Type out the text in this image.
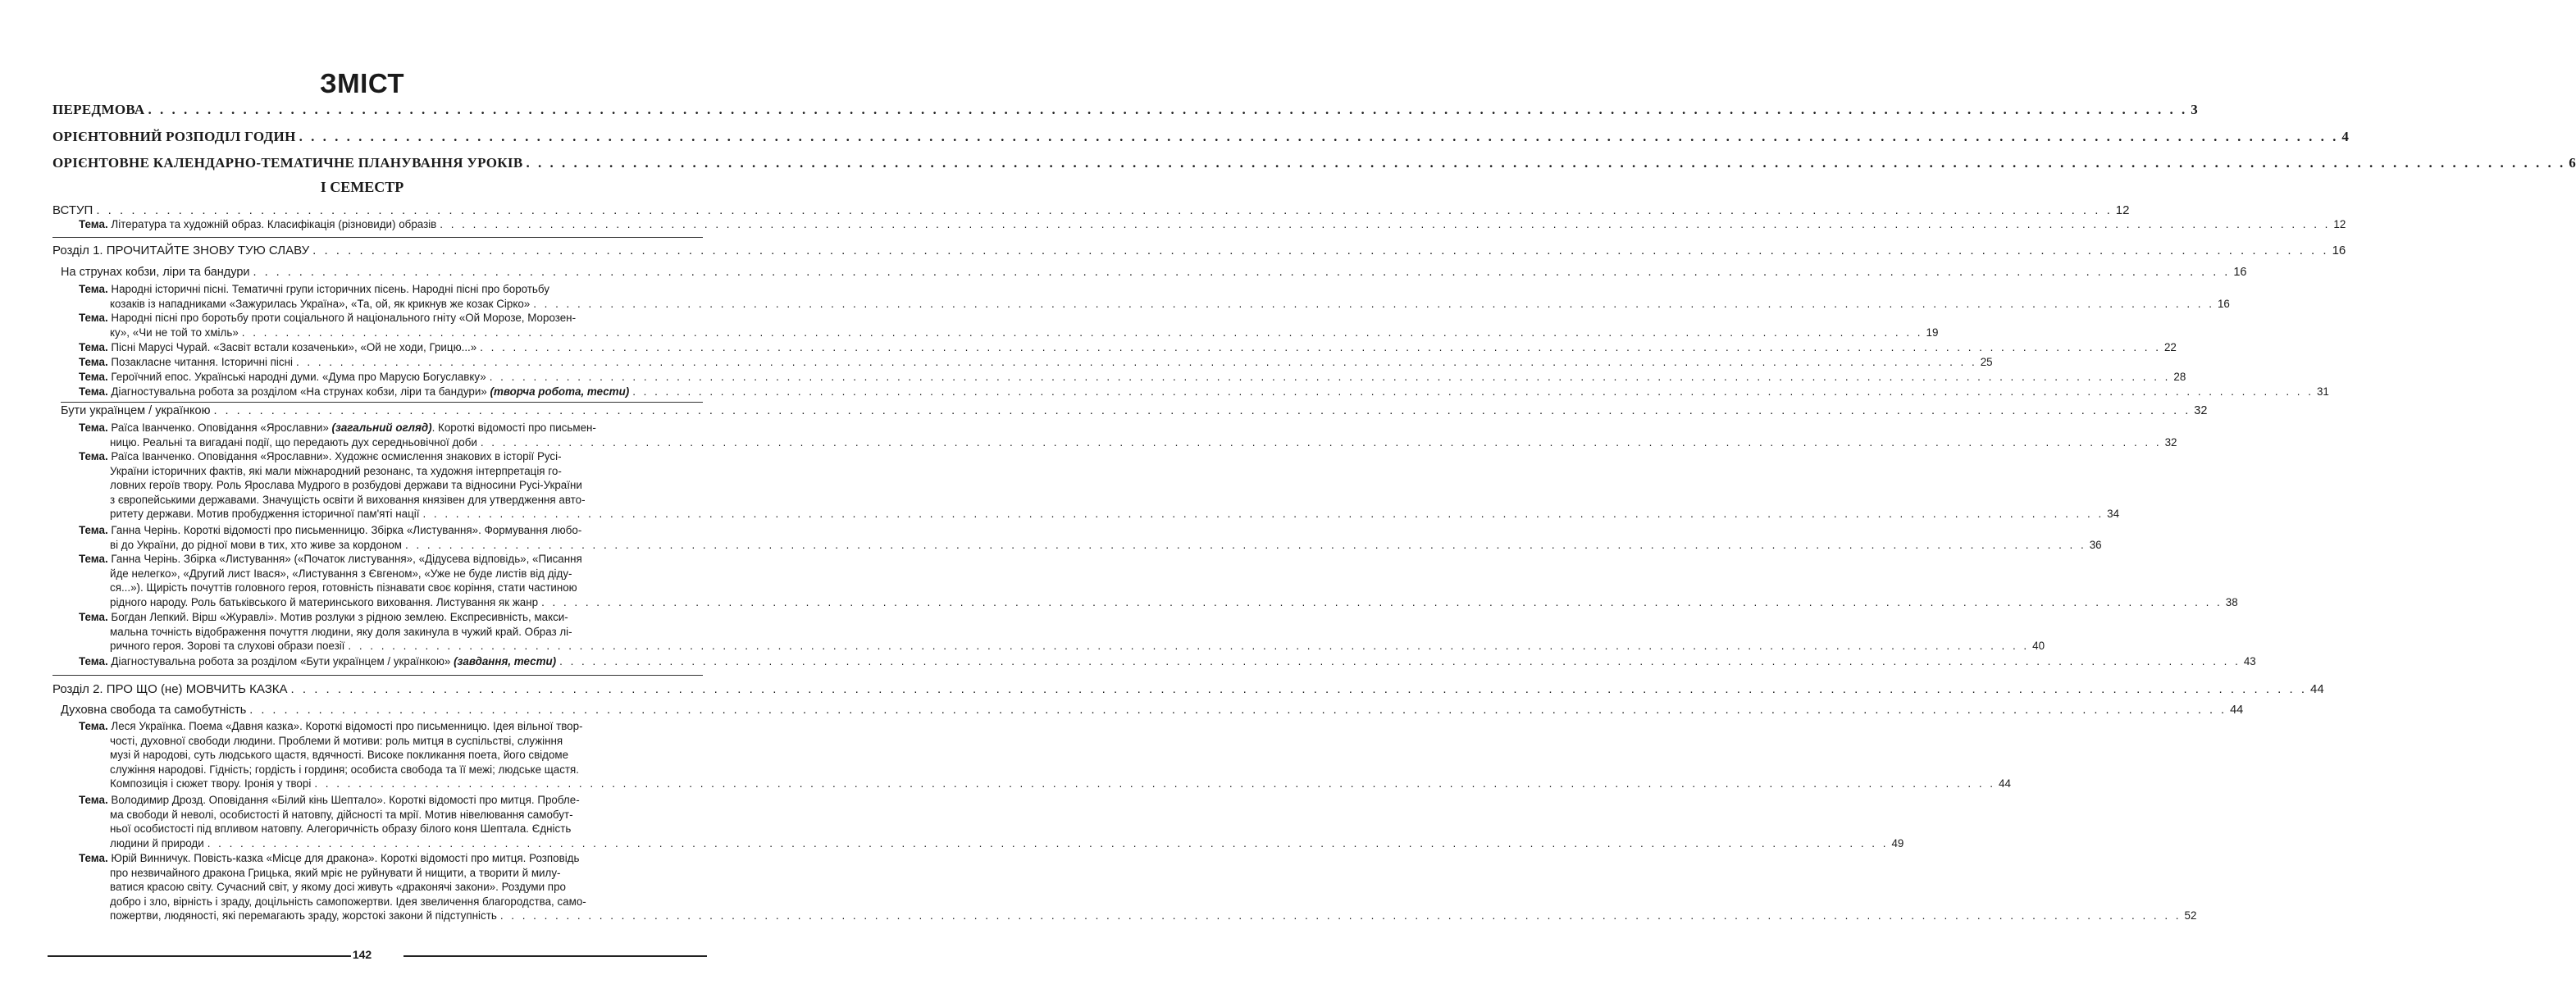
ЗМІСТ
ПЕРЕДМОВА . . .	3
ОРІЄНТОВНИЙ РОЗПОДІЛ ГОДИН . . .	4
ОРІЄНТОВНЕ КАЛЕНДАРНО-ТЕМАТИЧНЕ ПЛАНУВАННЯ УРОКІВ . . .	6
І СЕМЕСТР
ВСТУП . . .	12
Тема. Література та художній образ. Класифікація (різновиди) образів . . .	12
Розділ 1. ПРОЧИТАЙТЕ ЗНОВУ ТУЮ СЛАВУ . . .	16
На струнах кобзи, ліри та бандури . . .	16
Тема. Народні історичні пісні. Тематичні групи історичних пісень. Народні пісні про боротьбу
козаків із нападниками «Зажурилась Україна», «Та, ой, як крикнув же козак Сірко» . . .	16
Тема. Народні пісні про боротьбу проти соціального й національного гніту «Ой Морозе, Морозен-
ку», «Чи не той то хміль» . . .	19
Тема. Пісні Марусі Чурай. «Засвіт встали козаченьки», «Ой не ходи, Грицю...» . . .	22
Тема. Позакласне читання. Історичні пісні . . .	25
Тема. Героїчний епос. Українські народні думи. «Дума про Марусю Богуславку» . . .	28
Тема. Діагностувальна робота за розділом «На струнах кобзи, ліри та бандури» (творча робота, тести) . . .	31
Бути українцем / українкою . . .	32
Тема. Раїса Іванченко. Оповідання «Ярославни» (загальний огляд). Короткі відомості про письмен-
ницю. Реальні та вигадані події, що передають дух середньовічної доби . . .	32
Тема. Раїса Іванченко. Оповідання «Ярославни». Художнє осмислення знакових в історії Русі-
України історичних фактів, які мали міжнародний резонанс, та художня інтерпретація го-
ловних героїв твору. Роль Ярослава Мудрого в розбудові держави та відносини Русі-України
з європейськими державами. Значущість освіти й виховання князівен для утвердження авто-
ритету держави. Мотив пробудження історичної пам'яті нації . . .	34
Тема. Ганна Черінь. Короткі відомості про письменницю. Збірка «Листування». Формування любо-
ві до України, до рідної мови в тих, хто живе за кордоном . . .	36
Тема. Ганна Черінь. Збірка «Листування» («Початок листування», «Дідусева відповідь», «Писання
йде нелегко», «Другий лист Івася», «Листування з Євгеном», «Уже не буде листів від діду-
ся...»). Щирість почуттів головного героя, готовність пізнавати своє коріння, стати частиною
рідного народу. Роль батьківського й материнського виховання. Листування як жанр . . .	38
Тема. Богдан Лепкий. Вірш «Журавлі». Мотив розлуки з рідною землею. Експресивність, макси-
мальна точність відображення почуття людини, яку доля закинула в чужий край. Образ лі-
ричного героя. Зорові та слухові образи поезії . . .	40
Тема. Діагностувальна робота за розділом «Бути українцем / українкою» (завдання, тести) . . .	43
Розділ 2. ПРО ЩО (не) МОВЧИТЬ КАЗКА . . .	44
Духовна свобода та самобутність . . .	44
Тема. Леся Українка. Поема «Давня казка». Короткі відомості про письменницю. Ідея вільної твор-
чості, духовної свободи людини. Проблеми й мотиви: роль митця в суспільстві, служіння
музі й народові, суть людського щастя, вдячності. Високе покликання поета, його свідоме
служіння народові. Гідність; гордість і гординя; особиста свобода та її межі; людське щастя.
Композиція і сюжет твору. Іронія у творі . . .	44
Тема. Володимир Дрозд. Оповідання «Білий кінь Шептало». Короткі відомості про митця. Пробле-
ма свободи й неволі, особистості й натовпу, дійсності та мрії. Мотив нівелювання самобут-
ньої особистості під впливом натовпу. Алегоричність образу білого коня Шептала. Єдність
людини й природи . . .	49
Тема. Юрій Винничук. Повість-казка «Місце для дракона». Короткі відомості про митця. Розповідь
про незвичайного дракона Грицька, який мріє не руйнувати й нищити, а творити й милу-
ватися красою світу. Сучасний світ, у якому досі живуть «драконячі закони». Роздуми про
добро і зло, вірність і зраду, доцільність самопожертви. Ідея звеличення благородства, само-
пожертви, людяності, які перемагають зраду, жорстокі закони й підступність . . .	52
142
